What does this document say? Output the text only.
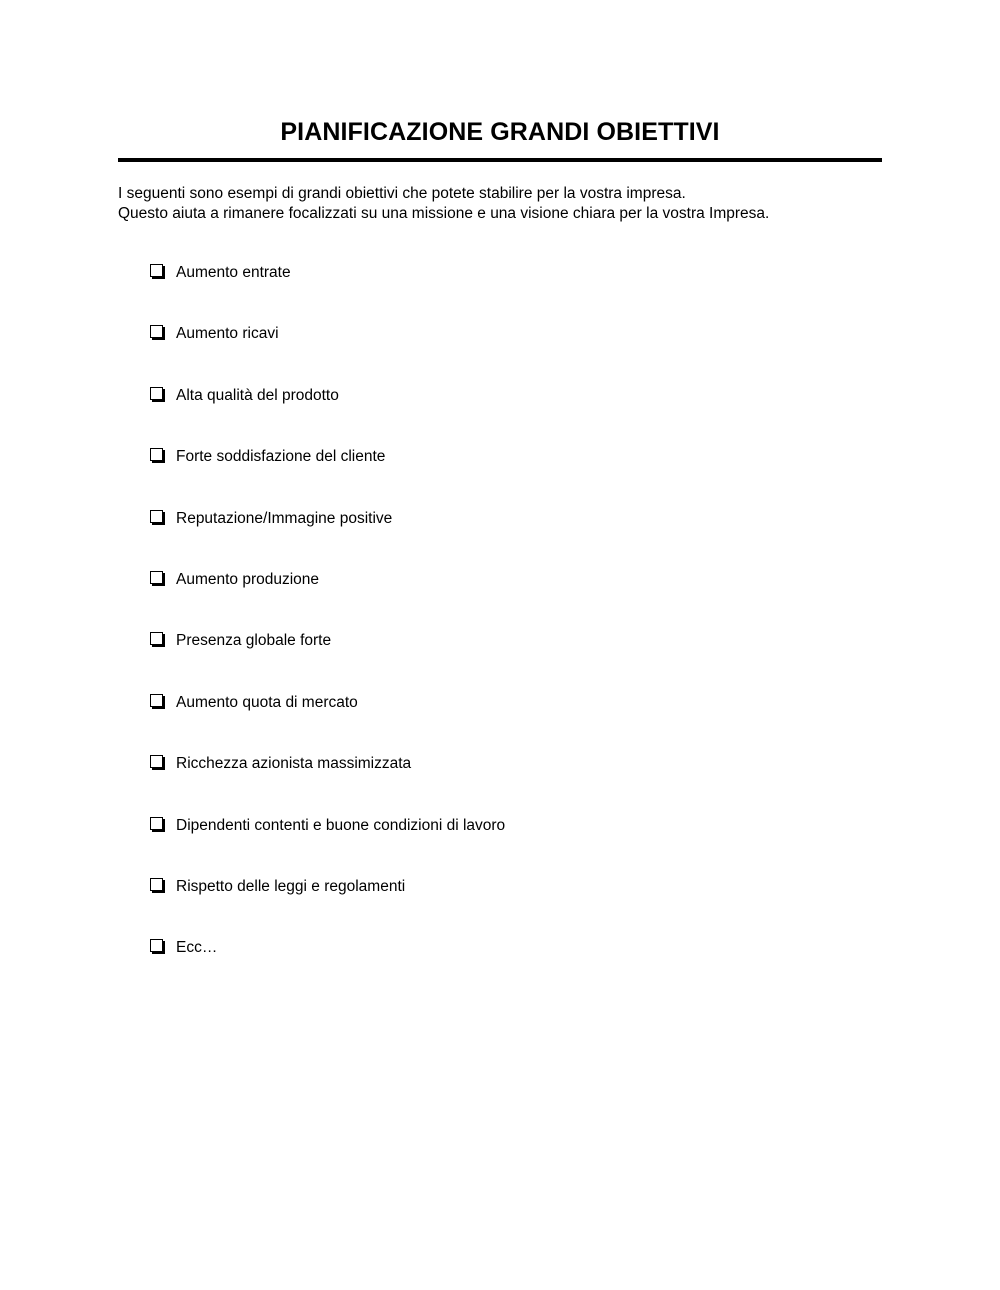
PIANIFICAZIONE GRANDI OBIETTIVI

I seguenti sono esempi di grandi obiettivi che potete stabilire per la vostra impresa.

Questo aiuta a rimanere focalizzati su una missione e una visione chiara per la vostra Impresa.

Aumento entrate
Aumento ricavi
Alta qualità del prodotto
Forte soddisfazione del cliente
Reputazione/Immagine positive
Aumento produzione
Presenza globale forte
Aumento quota di mercato
Ricchezza azionista massimizzata
Dipendenti contenti e buone condizioni di lavoro
Rispetto delle leggi e regolamenti
Ecc…
